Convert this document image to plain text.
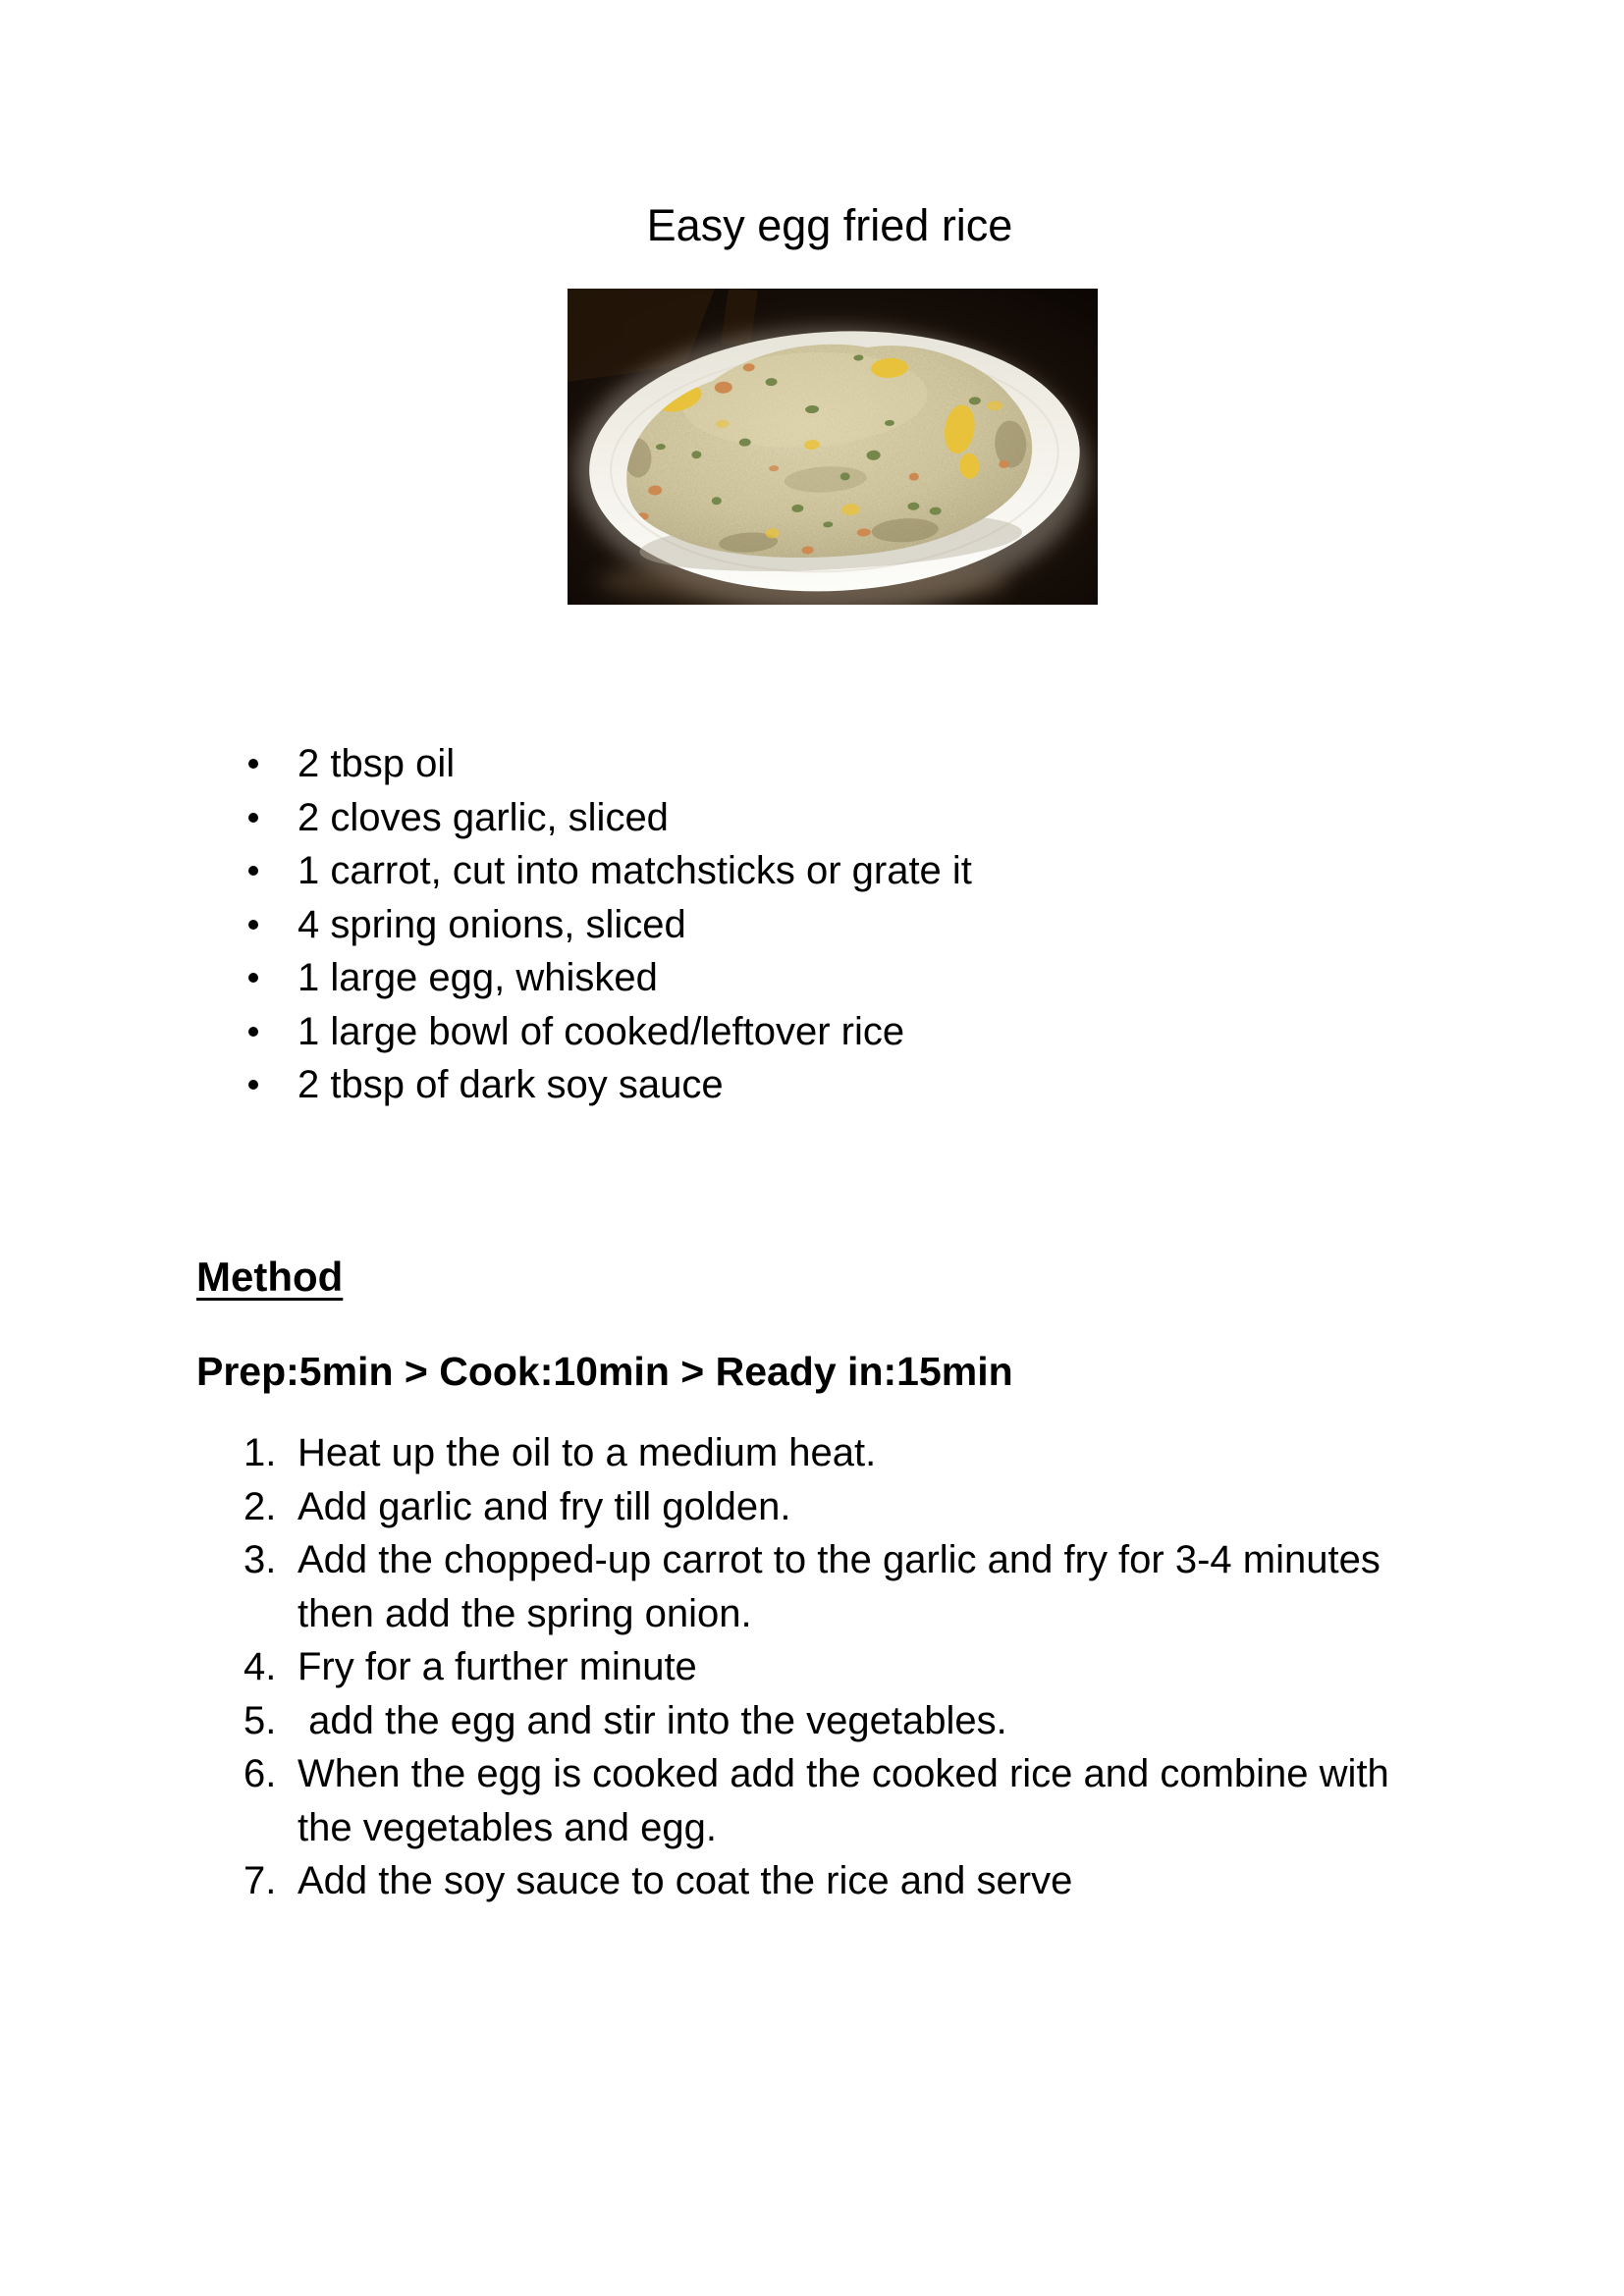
Easy egg fried rice
2 tbsp oil
2 cloves garlic, sliced
1 carrot, cut into matchsticks or grate it
4 spring onions, sliced
1 large egg, whisked
1 large bowl of cooked/leftover rice
2 tbsp of dark soy sauce
Method

Prep:5min > Cook:10min > Ready in:15min

1. Heat up the oil to a medium heat.
2. Add garlic and fry till golden.
3. Add the chopped-up carrot to the garlic and fry for 3-4 minutes then add the spring onion.
4. Fry for a further minute
5. add the egg and stir into the vegetables.
6. When the egg is cooked add the cooked rice and combine with the vegetables and egg.
7. Add the soy sauce to coat the rice and serve
